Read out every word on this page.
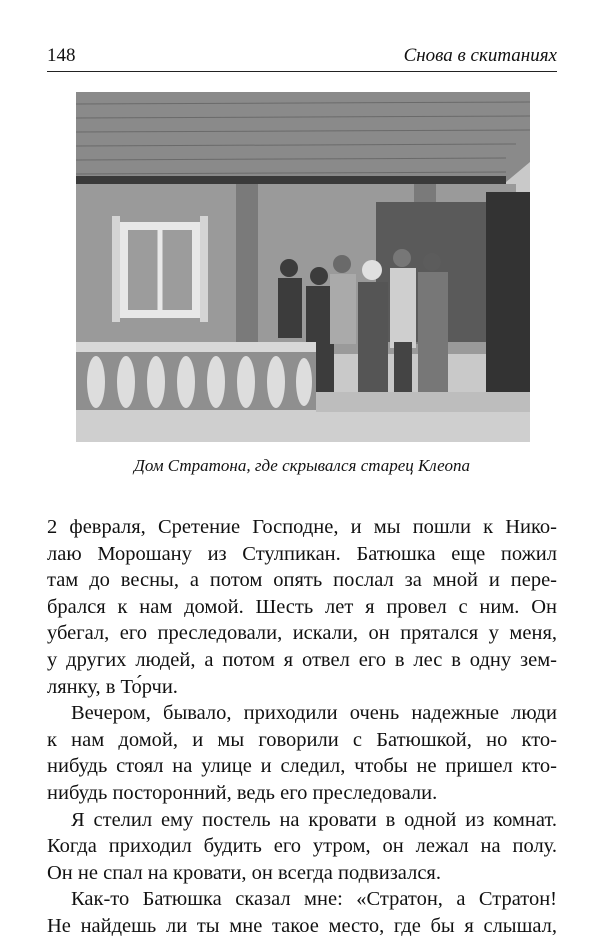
148	Снова в скитаниях
Дом Стратона, где скрывался старец Клеопа

2 февраля, Сретение Господне, и мы пошли к Нико-
лаю Морошану из Стулпикан. Батюшка еще пожил
там до весны, а потом опять послал за мной и пере-
брался к нам домой. Шесть лет я провел с ним. Он
убегал, его преследовали, искали, он прятался у меня,
у других людей, а потом я отвел его в лес в одну зем-
лянку, в То́рчи.

Вечером, бывало, приходили очень надежные люди
к нам домой, и мы говорили с Батюшкой, но кто-
нибудь стоял на улице и следил, чтобы не пришел кто-
нибудь посторонний, ведь его преследовали.

Я стелил ему постель на кровати в одной из комнат.
Когда приходил будить его утром, он лежал на полу.
Он не спал на кровати, он всегда подвизался.

Как-то Батюшка сказал мне: «Стратон, а Стратон!
Не найдешь ли ты мне такое место, где бы я слышал,
